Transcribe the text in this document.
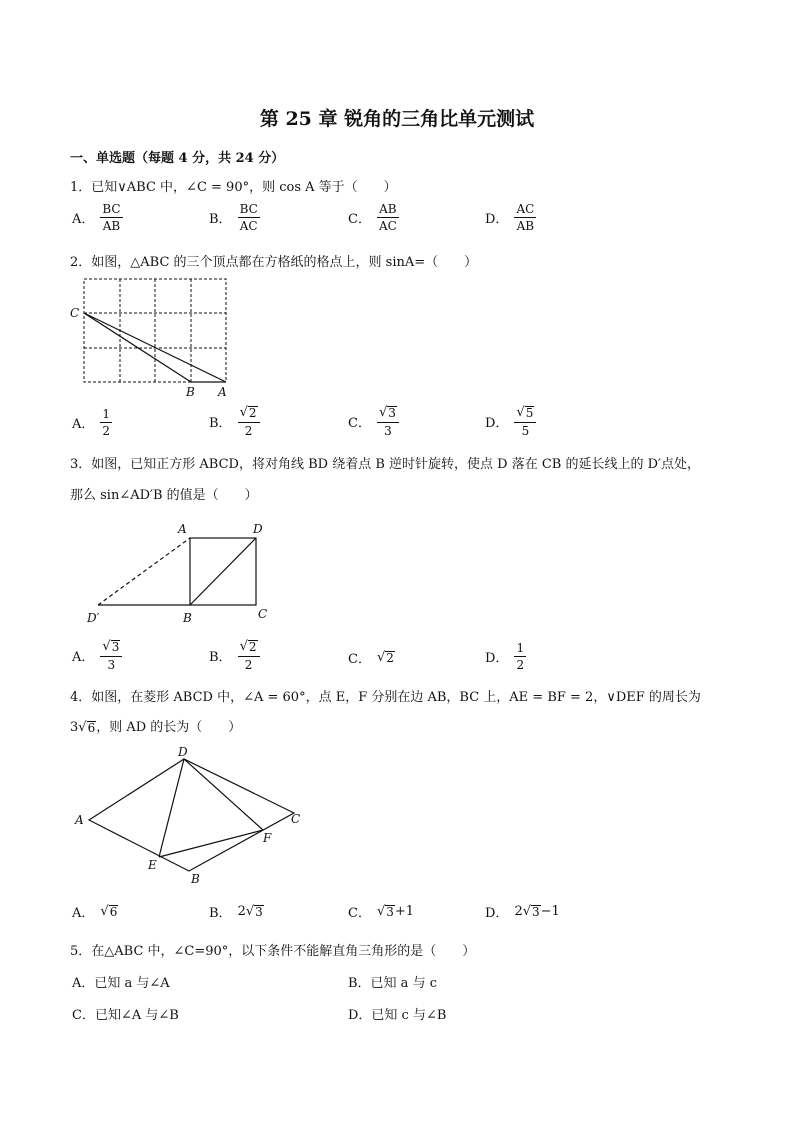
第 25 章 锐角的三角比单元测试
一、单选题（每题 4 分，共 24 分）
1．已知∨ABC 中，∠C = 90°，则 cos A 等于（　　）
A． $\frac{BC}{AB}$	B． $\frac{BC}{AC}$	C． $\frac{AB}{AC}$	D． $\frac{AC}{AB}$
2．如图，△ABC 的三个顶点都在方格纸的格点上，则 sinA=（　　）
C
B A
A． $\frac{1}{2}$	B． $\frac{√ 2}{2}$	C． $\frac{√ 3}{3}$	D． $\frac{√ 5}{5}$
3．如图，已知正方形 ABCD，将对角线 BD 绕着点 B 逆时针旋转，使点 D 落在 CB 的延长线上的 D′点处，
那么 sin∠AD′B 的值是（　　）
A	D
D′	B	C
A． $\frac{√ 3}{3}$	B． $\frac{√ 2}{2}$	C． √ 2	D． $\frac{1}{2}$
4．如图，在菱形 ABCD 中，∠A = 60°，点 E，F 分别在边 AB，BC 上，AE = BF = 2，∨DEF 的周长为
3 √ 6 ，则 AD 的长为（　　）
D
A	C
F
E
B
A． √ 6	B． 2 √ 3	C． √ 3 +1	D． 2 √ 3 −1
5．在△ABC 中，∠C=90°，以下条件不能解直角三角形的是（　　）
A．已知 a 与∠A	B．已知 a 与 c
C．已知∠A 与∠B	D．已知 c 与∠B
